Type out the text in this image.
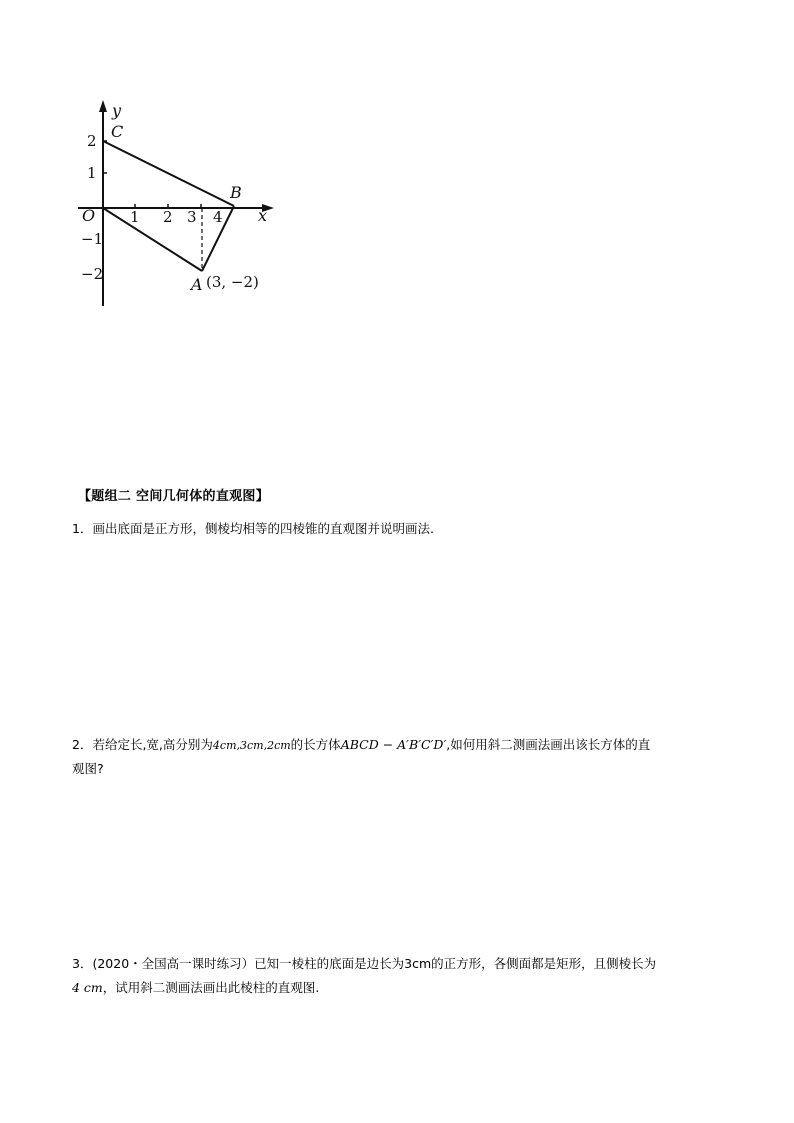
y
x
O
C
B
A (3, −2)
1 2 3 4
2
1
−1
−2
【题组二 空间几何体的直观图】
1．画出底面是正方形，侧棱均相等的四棱锥的直观图并说明画法.
2．若给定长,宽,高分别为4cm,3cm,2cm的长方体ABCD − A′B′C′D′,如何用斜二测画法画出该长方体的直
观图?
3．(2020・全国高一课时练习）已知一棱柱的底面是边长为3cm的正方形，各侧面都是矩形，且侧棱长为
4 cm，试用斜二测画法画出此棱柱的直观图.
